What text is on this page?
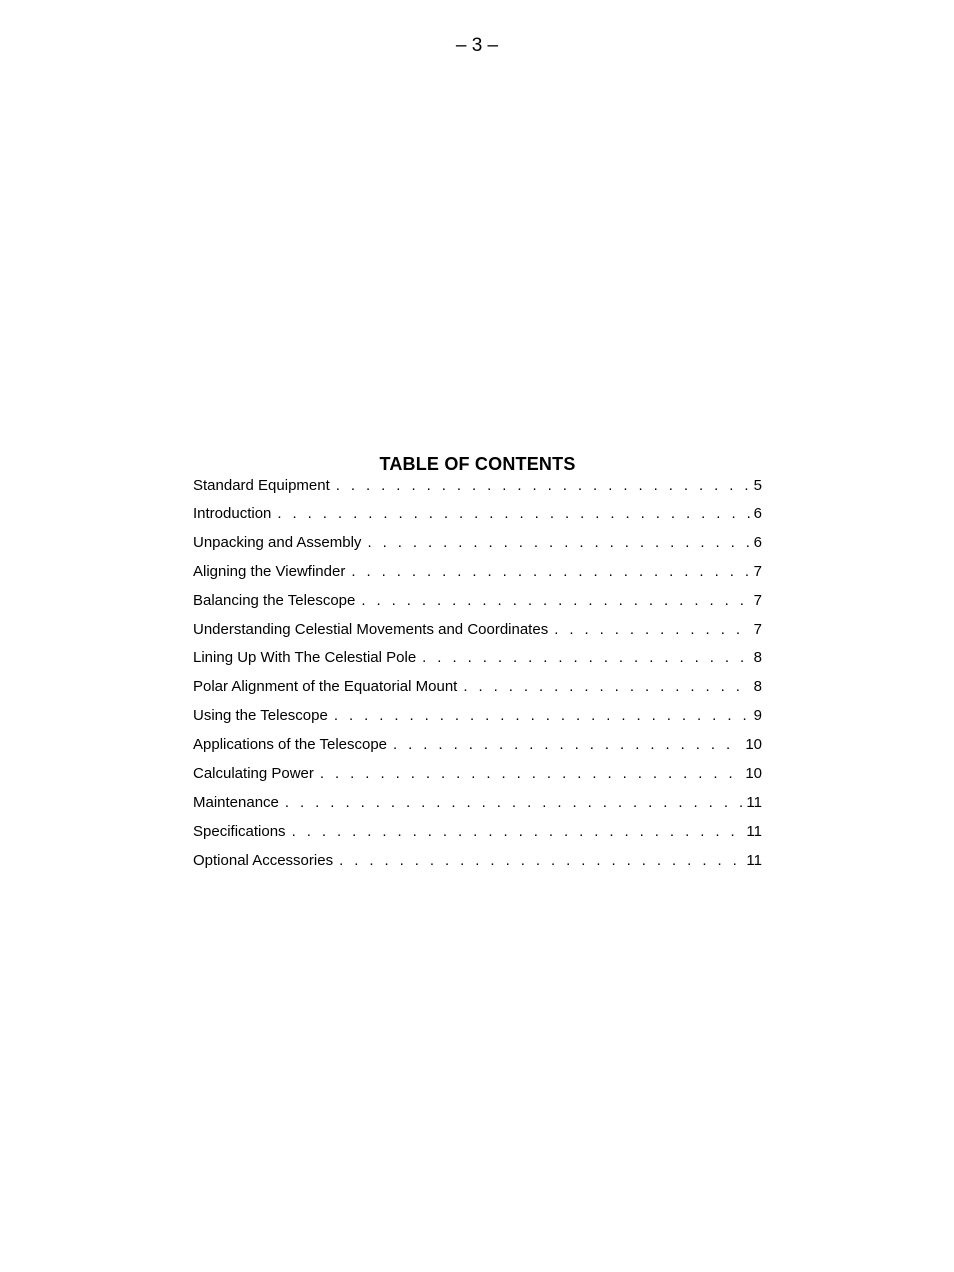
– 3 –
TABLE OF CONTENTS
Standard Equipment . . .	5
Introduction . . .	6
Unpacking and Assembly . . .	6
Aligning the Viewfinder . . .	7
Balancing the Telescope . . .	7
Understanding Celestial Movements and Coordinates . . .	7
Lining Up With The Celestial Pole . . .	8
Polar Alignment of the Equatorial Mount . . .	8
Using the Telescope . . .	9
Applications of the Telescope . . .	10
Calculating Power . . .	10
Maintenance . . .	11
Specifications . . .	11
Optional Accessories . . .	11
